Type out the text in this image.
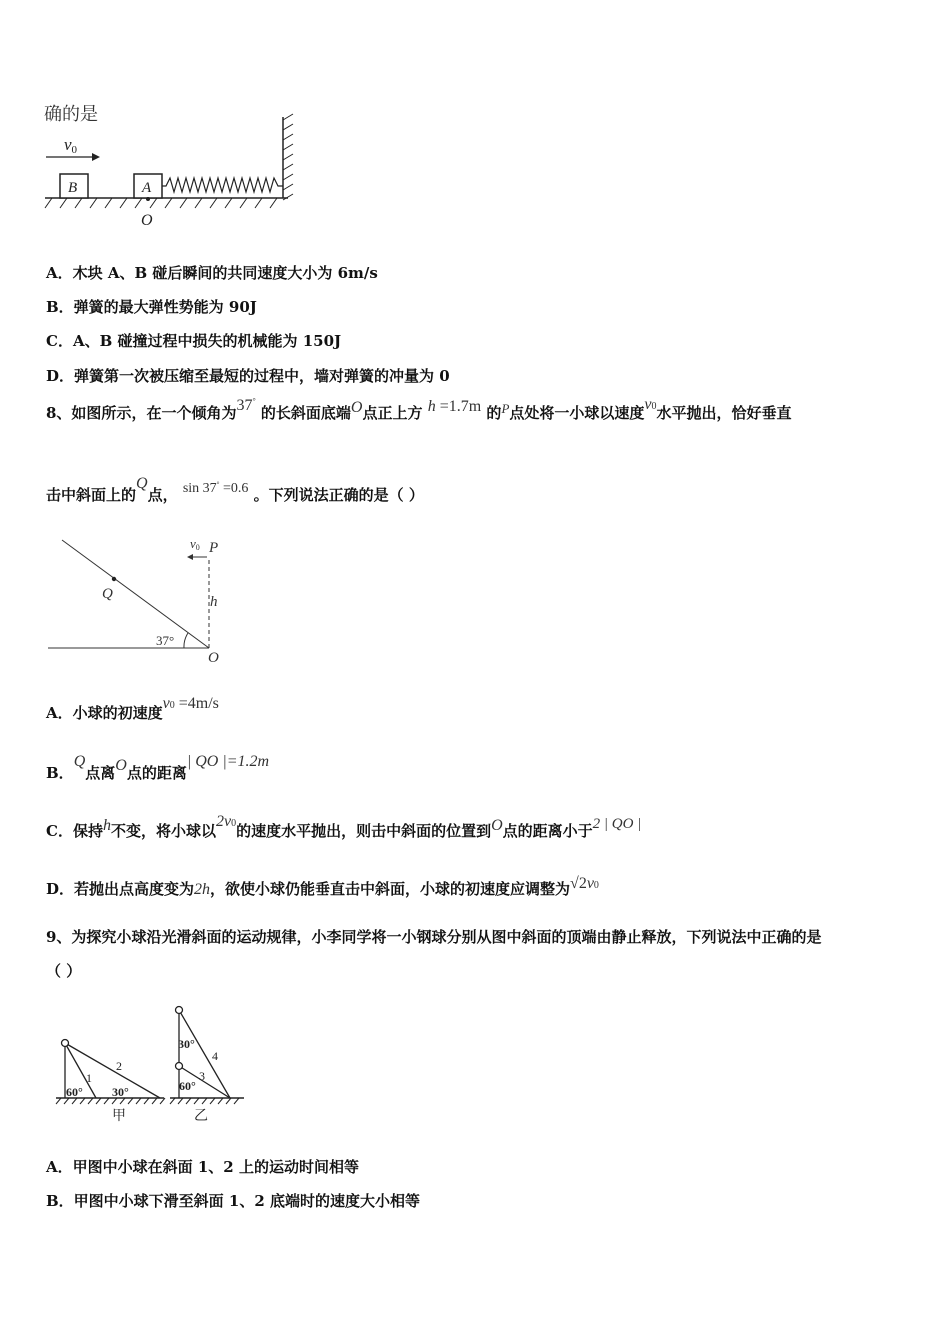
确的是
v0
B	A
O
A．木块 A、B 碰后瞬间的共同速度大小为 6m/s
B．弹簧的最大弹性势能为 90J
C．A、B 碰撞过程中损失的机械能为 150J
D．弹簧第一次被压缩至最短的过程中，墙对弹簧的冲量为 0
8、如图所示，在一个倾角为37° 的长斜面底端O点正上方 h =1.7m 的P点处将一小球以速度v0水平抛出，恰好垂直
击中斜面上的Q点， sin 37° =0.6 。下列说法正确的是（ ）
v0 P
Q	h
37°
O
A．小球的初速度v0 =4m/s
B．Q点离O点的距离| QO |=1.2m
C．保持h不变，将小球以2v0的速度水平抛出，则击中斜面的位置到O点的距离小于2 | QO |
D．若抛出点高度变为2h，欲使小球仍能垂直击中斜面，小球的初速度应调整为√2v0
9、为探究小球沿光滑斜面的运动规律，小李同学将一小钢球分别从图中斜面的顶端由静止释放，下列说法中正确的是
（ ）
1
2
60° 30°
甲
4
3
30°
60°
乙
A．甲图中小球在斜面 1、2 上的运动时间相等
B．甲图中小球下滑至斜面 1、2 底端时的速度大小相等
